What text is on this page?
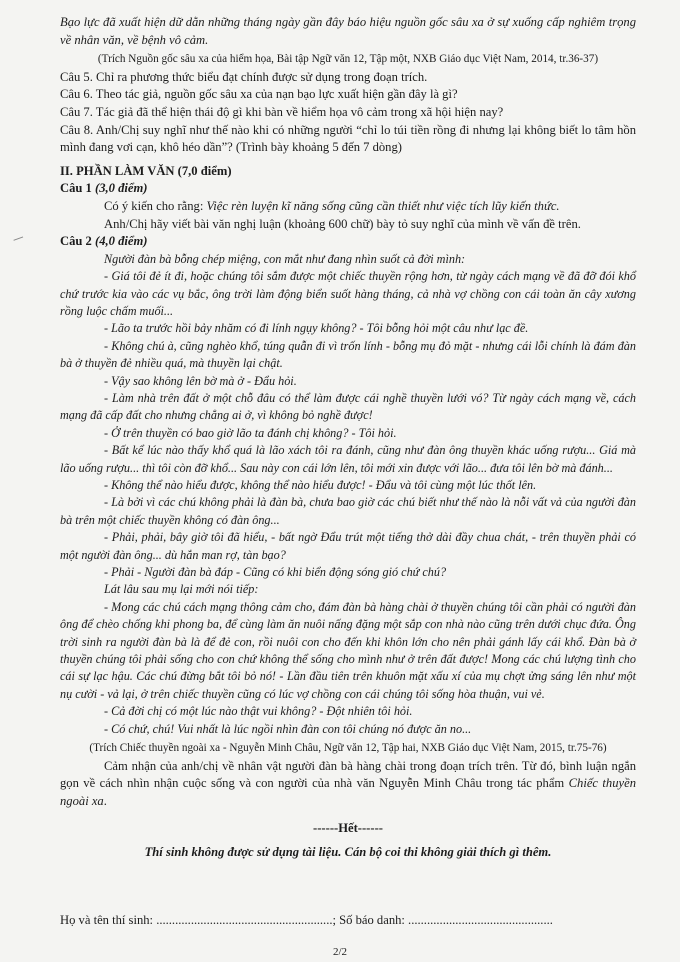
Bạo lực đã xuất hiện dữ dằn những tháng ngày gần đây báo hiệu nguồn gốc sâu xa ở sự xuống cấp nghiêm trọng về nhân văn, về bệnh vô cảm.

(Trích Nguồn gốc sâu xa của hiểm họa, Bài tập Ngữ văn 12, Tập một, NXB Giáo dục Việt Nam, 2014, tr.36-37)

Câu 5. Chỉ ra phương thức biểu đạt chính được sử dụng trong đoạn trích.

Câu 6. Theo tác giả, nguồn gốc sâu xa của nạn bạo lực xuất hiện gần đây là gì?

Câu 7. Tác giả đã thể hiện thái độ gì khi bàn về hiểm họa vô cảm trong xã hội hiện nay?

Câu 8. Anh/Chị suy nghĩ như thế nào khi có những người “chỉ lo túi tiền rồng đi nhưng lại không biết lo tâm hồn mình đang vơi cạn, khô héo dần”? (Trình bày khoảng 5 đến 7 dòng)

II. PHẦN LÀM VĂN (7,0 điểm)

Câu 1 (3,0 điểm)

Có ý kiến cho rằng: Việc rèn luyện kĩ năng sống cũng cần thiết như việc tích lũy kiến thức.

Anh/Chị hãy viết bài văn nghị luận (khoảng 600 chữ) bày tỏ suy nghĩ của mình về vấn đề trên.

Câu 2 (4,0 điểm)

Người đàn bà bỗng chép miệng, con mắt như đang nhìn suốt cả đời mình:

- Giá tôi đẻ ít đi, hoặc chúng tôi sắm được một chiếc thuyền rộng hơn, từ ngày cách mạng về đã đỡ đói khổ chứ trước kia vào các vụ bắc, ông trời làm động biển suốt hàng tháng, cả nhà vợ chồng con cái toàn ăn cây xương rồng luộc chấm muối...

- Lão ta trước hồi bảy nhăm có đi lính ngụy không? - Tôi bỗng hỏi một câu như lạc đề.

- Không chú à, cũng nghèo khổ, túng quẫn đi vì trốn lính - bỗng mụ đỏ mặt - nhưng cái lỗi chính là đám đàn bà ở thuyền đẻ nhiều quá, mà thuyền lại chật.

- Vậy sao không lên bờ mà ở - Đẩu hỏi.

- Làm nhà trên đất ở một chỗ đâu có thể làm được cái nghề thuyền lưới vó? Từ ngày cách mạng về, cách mạng đã cấp đất cho nhưng chẳng ai ở, vì không bỏ nghề được!

- Ở trên thuyền có bao giờ lão ta đánh chị không? - Tôi hỏi.

- Bất kể lúc nào thấy khổ quá là lão xách tôi ra đánh, cũng như đàn ông thuyền khác uống rượu... Giá mà lão uống rượu... thì tôi còn đỡ khổ... Sau này con cái lớn lên, tôi mới xin được với lão... đưa tôi lên bờ mà đánh...

- Không thể nào hiểu được, không thể nào hiểu được! - Đẩu và tôi cùng một lúc thốt lên.

- Là bởi vì các chú không phải là đàn bà, chưa bao giờ các chú biết như thế nào là nỗi vất vả của người đàn bà trên một chiếc thuyền không có đàn ông...

- Phải, phải, bây giờ tôi đã hiểu, - bất ngờ Đẩu trút một tiếng thở dài đầy chua chát, - trên thuyền phải có một người đàn ông... dù hắn man rợ, tàn bạo?

- Phải - Người đàn bà đáp - Cũng có khi biển động sóng gió chứ chú?

Lát lâu sau mụ lại mới nói tiếp:

- Mong các chú cách mạng thông cảm cho, đám đàn bà hàng chài ở thuyền chúng tôi cần phải có người đàn ông để chèo chống khi phong ba, để cùng làm ăn nuôi nấng đặng một sắp con nhà nào cũng trên dưới chục đứa. Ông trời sinh ra người đàn bà là để đẻ con, rồi nuôi con cho đến khi khôn lớn cho nên phải gánh lấy cái khổ. Đàn bà ở thuyền chúng tôi phải sống cho con chứ không thể sống cho mình như ở trên đất được! Mong các chú lượng tình cho cái sự lạc hậu. Các chú đừng bắt tôi bỏ nó! - Lần đầu tiên trên khuôn mặt xấu xí của mụ chợt ửng sáng lên như một nụ cười - vả lại, ở trên chiếc thuyền cũng có lúc vợ chồng con cái chúng tôi sống hòa thuận, vui vẻ.

- Cả đời chị có một lúc nào thật vui không? - Đột nhiên tôi hỏi.

- Có chứ, chú! Vui nhất là lúc ngồi nhìn đàn con tôi chúng nó được ăn no...

(Trích Chiếc thuyền ngoài xa - Nguyễn Minh Châu, Ngữ văn 12, Tập hai, NXB Giáo dục Việt Nam, 2015, tr.75-76)

Cảm nhận của anh/chị về nhân vật người đàn bà hàng chài trong đoạn trích trên. Từ đó, bình luận ngắn gọn về cách nhìn nhận cuộc sống và con người của nhà văn Nguyễn Minh Châu trong tác phẩm Chiếc thuyền ngoài xa.

------Hết------

Thí sinh không được sử dụng tài liệu. Cán bộ coi thi không giải thích gì thêm.

Họ và tên thí sinh: ........................................................; Số báo danh: ..............................................
2/2
